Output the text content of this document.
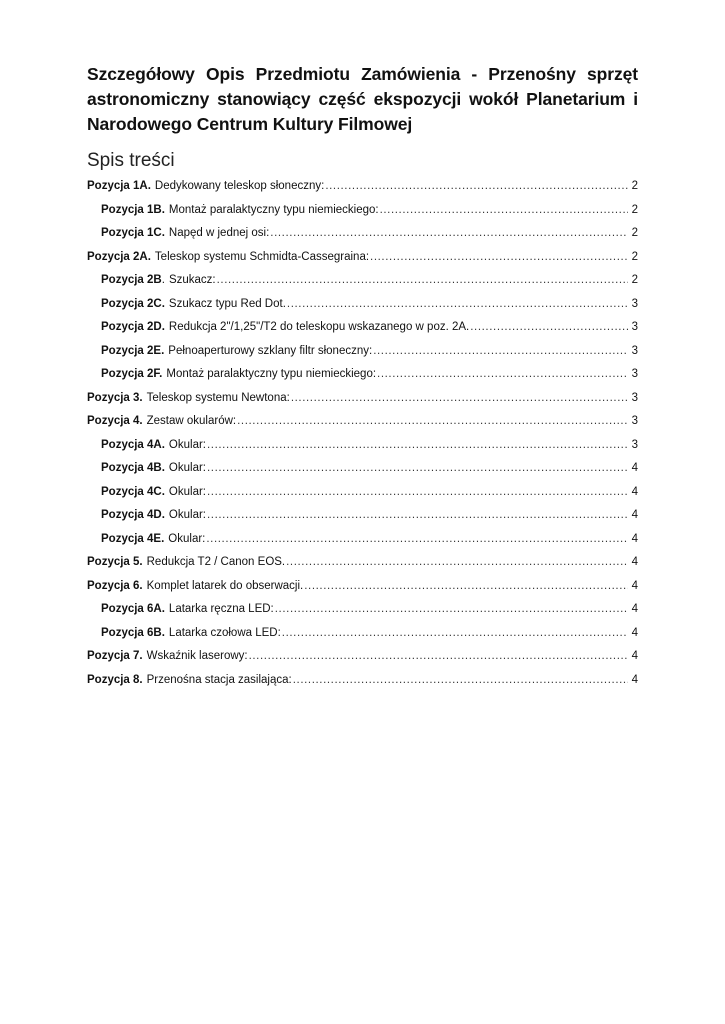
Szczegółowy Opis Przedmiotu Zamówienia - Przenośny sprzęt astronomiczny stanowiący część ekspozycji wokół Planetarium i Narodowego Centrum Kultury Filmowej
Spis treści
Pozycja 1A. Dedykowany teleskop słoneczny: .....	2
Pozycja 1B. Montaż paralaktyczny typu niemieckiego: .....	2
Pozycja 1C. Napęd w jednej osi: .....	2
Pozycja 2A. Teleskop systemu Schmidta-Cassegraina: .....	2
Pozycja 2B . Szukacz: .....	2
Pozycja 2C. Szukacz typu Red Dot. .....	3
Pozycja 2D. Redukcja 2"/1,25"/T2 do teleskopu wskazanego w poz. 2A. .....	3
Pozycja 2E. Pełnoaperturowy szklany filtr słoneczny: .....	3
Pozycja 2F. Montaż paralaktyczny typu niemieckiego: .....	3
Pozycja 3. Teleskop systemu Newtona: .....	3
Pozycja 4. Zestaw okularów: .....	3
Pozycja 4A. Okular: .....	3
Pozycja 4B. Okular: .....	4
Pozycja 4C. Okular: .....	4
Pozycja 4D. Okular: .....	4
Pozycja 4E. Okular: .....	4
Pozycja 5. Redukcja T2 / Canon EOS. .....	4
Pozycja 6. Komplet latarek do obserwacji. .....	4
Pozycja 6A. Latarka ręczna LED: .....	4
Pozycja 6B. Latarka czołowa LED: .....	4
Pozycja 7. Wskaźnik laserowy: .....	4
Pozycja 8. Przenośna stacja zasilająca: .....	4
